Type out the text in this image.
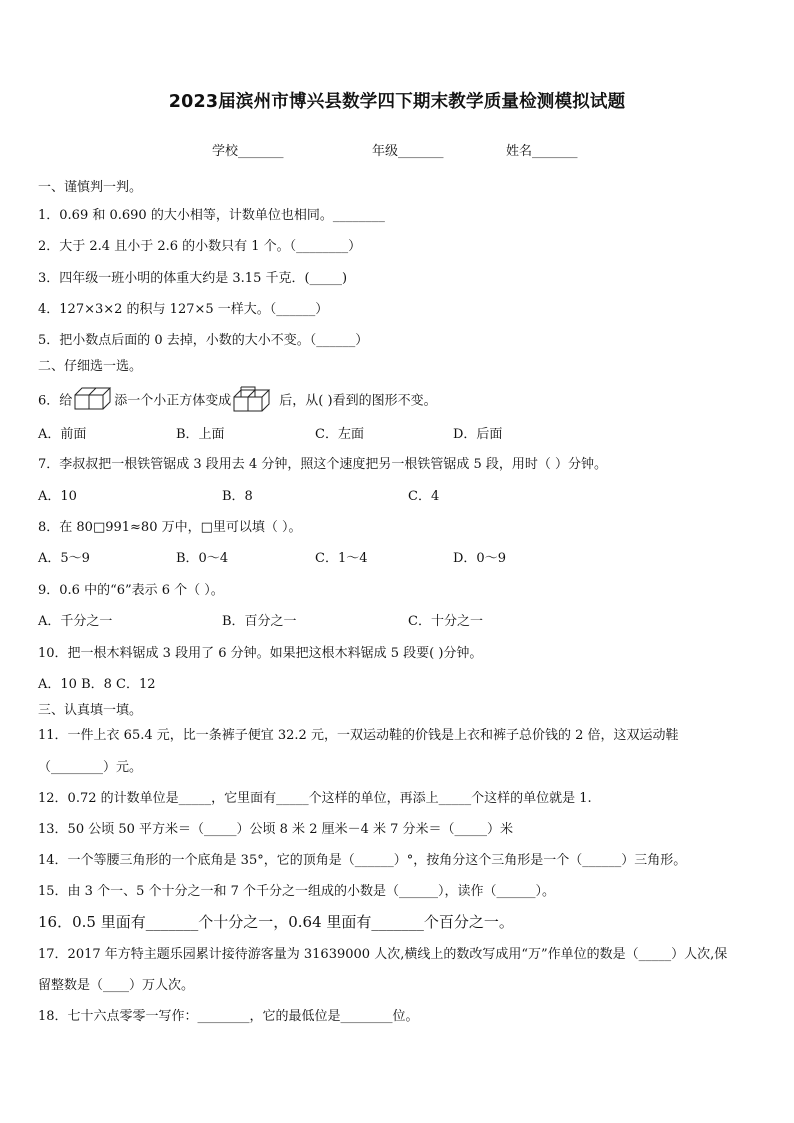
2023届滨州市博兴县数学四下期末教学质量检测模拟试题
学校_______	年级_______	姓名_______
一、谨慎判一判。
1．0.69 和 0.690 的大小相等，计数单位也相同。________
2．大于 2.4 且小于 2.6 的小数只有 1 个。（________）
3．四年级一班小明的体重大约是 3.15 千克．(_____)
4．127×3×2 的积与 127×5 一样大。（______）
5．把小数点后面的 0 去掉，小数的大小不变。（______）
二、仔细选一选。
6．给	添一个小正方体变成	后，从( )看到的图形不变。
A．前面	B．上面	C．左面	D．后面
7．李叔叔把一根铁管锯成 3 段用去 4 分钟，照这个速度把另一根铁管锯成 5 段，用时（ ）分钟。
A．10	B．8	C．4
8．在 80□991≈80 万中，□里可以填（ ）。
A．5～9	B．0～4	C．1～4	D．0～9
9．0.6 中的“6”表示 6 个（ ）。
A．千分之一	B．百分之一	C．十分之一
10．把一根木料锯成 3 段用了 6 分钟。如果把这根木料锯成 5 段要( )分钟。
A．10 B．8 C．12
三、认真填一填。
11．一件上衣 65.4 元，比一条裤子便宜 32.2 元，一双运动鞋的价钱是上衣和裤子总价钱的 2 倍，这双运动鞋
（________）元。
12．0.72 的计数单位是_____，它里面有_____个这样的单位，再添上_____个这样的单位就是 1.
13．50 公顷 50 平方米＝（_____）公顷 8 米 2 厘米－4 米 7 分米＝（_____）米
14．一个等腰三角形的一个底角是 35°，它的顶角是（______）°，按角分这个三角形是一个（______）三角形。
15．由 3 个一、5 个十分之一和 7 个千分之一组成的小数是（______），读作（______）。
16．0.5 里面有_______个十分之一，0.64 里面有_______个百分之一。
17．2017 年方特主题乐园累计接待游客量为 31639000 人次,横线上的数改写成用“万”作单位的数是（_____）人次,保
留整数是（____）万人次。
18．七十六点零零一写作：________，它的最低位是________位。
